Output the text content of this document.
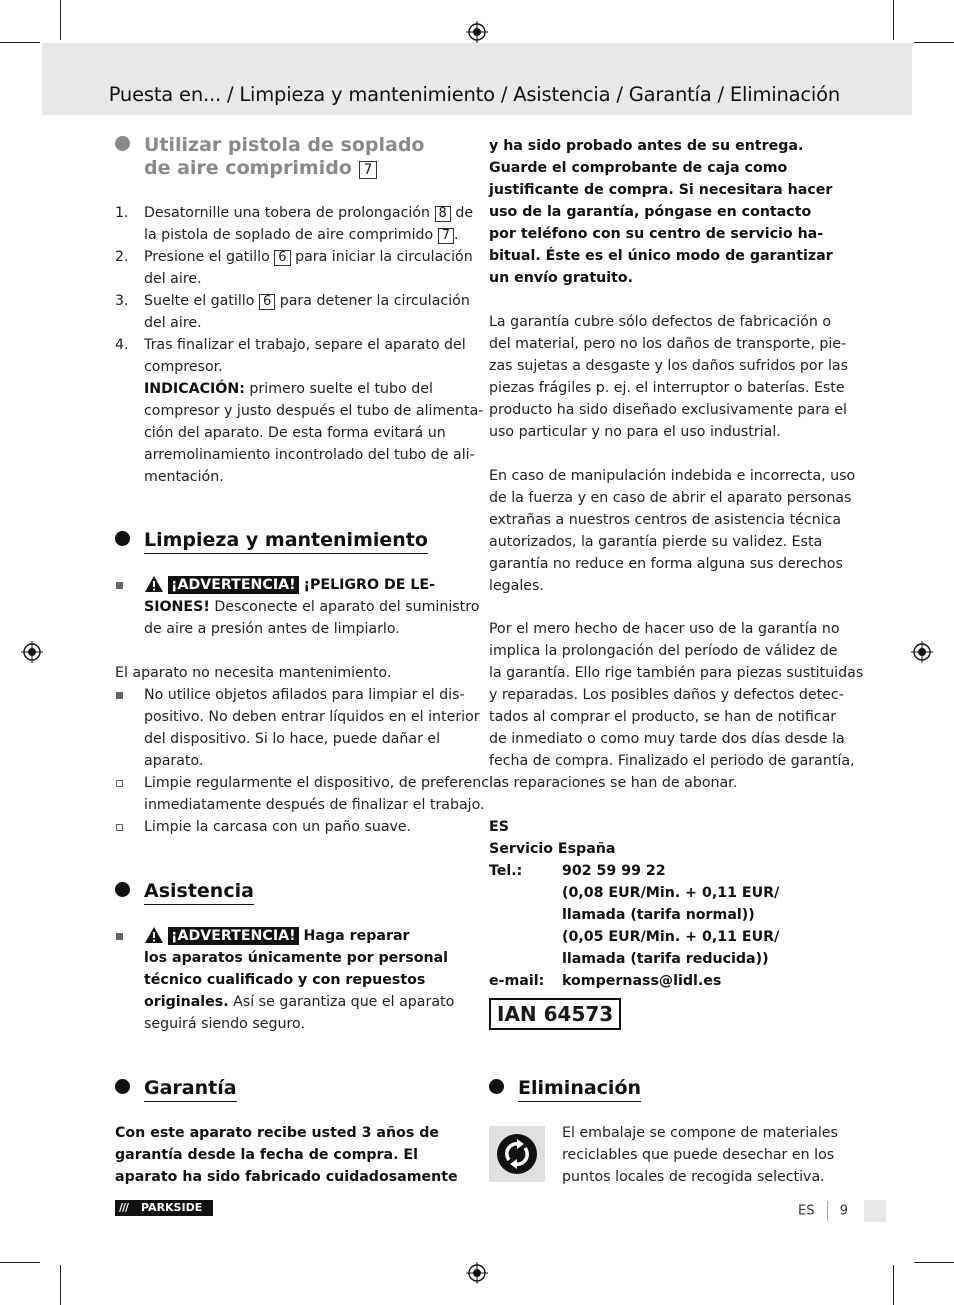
Puesta en... / Limpieza y mantenimiento / Asistencia / Garantía / Eliminación
Utilizar pistola de soplado
de aire comprimido 7
1. Desatornille una tobera de prolongación 8 de
la pistola de soplado de aire comprimido 7 .
2. Presione el gatillo 6 para iniciar la circulación
del aire.
3. Suelte el gatillo 6 para detener la circulación
del aire.
4. Tras finalizar el trabajo, separe el aparato del
compresor.
INDICACIÓN: primero suelte el tubo del
compresor y justo después el tubo de alimenta-
ción del aparato. De esta forma evitará un
arremolinamiento incontrolado del tubo de ali-
mentación.
Limpieza y mantenimiento
¡ADVERTENCIA! ¡PELIGRO DE LE-
SIONES! Desconecte el aparato del suministro
de aire a presión antes de limpiarlo.
El aparato no necesita mantenimiento.
No utilice objetos afilados para limpiar el dis-
positivo. No deben entrar líquidos en el interior
del dispositivo. Si lo hace, puede dañar el
aparato.
Limpie regularmente el dispositivo, de preferencia
inmediatamente después de finalizar el trabajo.
Limpie la carcasa con un paño suave.
Asistencia
¡ADVERTENCIA! Haga reparar
los aparatos únicamente por personal
técnico cualificado y con repuestos
originales. Así se garantiza que el aparato
seguirá siendo seguro.
Garantía
Con este aparato recibe usted 3 años de
garantía desde la fecha de compra. El
aparato ha sido fabricado cuidadosamente
y ha sido probado antes de su entrega.
Guarde el comprobante de caja como
justificante de compra. Si necesitara hacer
uso de la garantía, póngase en contacto
por teléfono con su centro de servicio ha-
bitual. Éste es el único modo de garantizar
un envío gratuito.
La garantía cubre sólo defectos de fabricación o
del material, pero no los daños de transporte, pie-
zas sujetas a desgaste y los daños sufridos por las
piezas frágiles p. ej. el interruptor o baterías. Este
producto ha sido diseñado exclusivamente para el
uso particular y no para el uso industrial.
En caso de manipulación indebida e incorrecta, uso
de la fuerza y en caso de abrir el aparato personas
extrañas a nuestros centros de asistencia técnica
autorizados, la garantía pierde su validez. Esta
garantía no reduce en forma alguna sus derechos
legales.
Por el mero hecho de hacer uso de la garantía no
implica la prolongación del período de válidez de
la garantía. Ello rige también para piezas sustituidas
y reparadas. Los posibles daños y defectos detec-
tados al comprar el producto, se han de notificar
de inmediato o como muy tarde dos días desde la
fecha de compra. Finalizado el periodo de garantía,
las reparaciones se han de abonar.
ES
Servicio España
Tel.:	902 59 99 22
(0,08 EUR/Min. + 0,11 EUR/
llamada (tarifa normal))
(0,05 EUR/Min. + 0,11 EUR/
llamada (tarifa reducida))
e-mail: kompernass@lidl.es
IAN 64573
Eliminación
El embalaje se compone de materiales
reciclables que puede desechar en los
puntos locales de recogida selectiva.
/// PARKSIDE	ES 9
